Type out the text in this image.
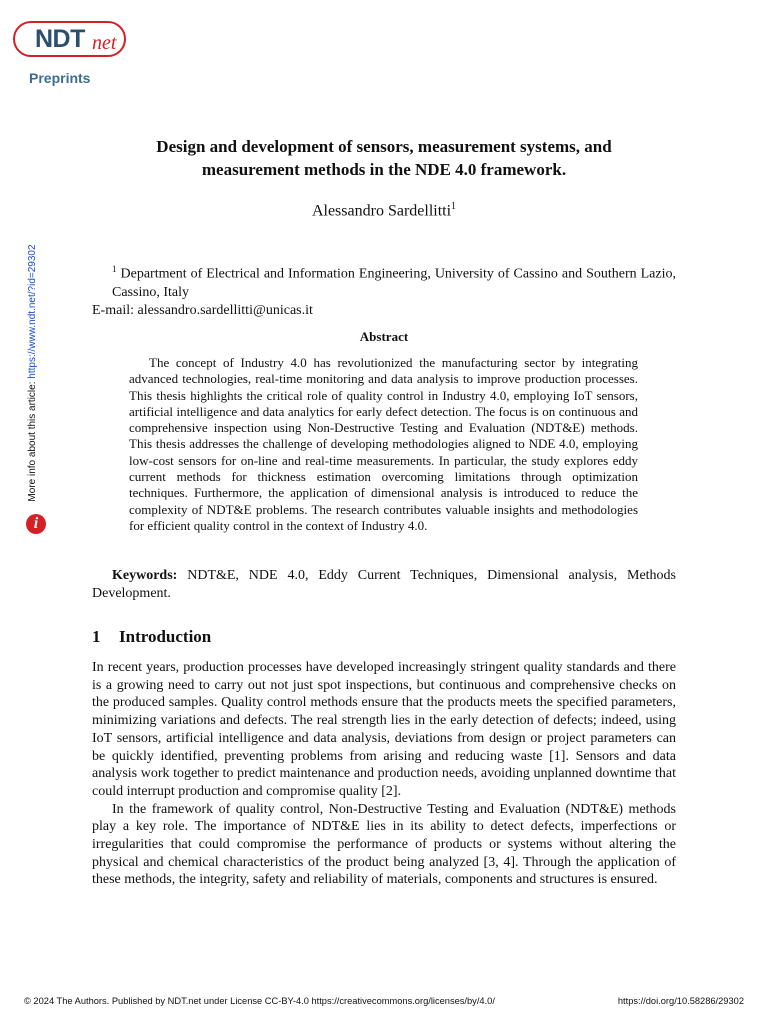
NDT net
Preprints
More info about this article: https://www.ndt.net/?id=29302
i
Design and development of sensors, measurement systems, and measurement methods in the NDE 4.0 framework.
Alessandro Sardellitti$^1$
$^1$ Department of Electrical and Information Engineering, University of Cassino and Southern Lazio, Cassino, Italy
E-mail: alessandro.sardellitti@unicas.it
Abstract
The concept of Industry 4.0 has revolutionized the manufacturing sector by integrating advanced technologies, real-time monitoring and data analysis to improve production processes. This thesis highlights the critical role of quality control in Industry 4.0, employing IoT sensors, artificial intelligence and data analytics for early defect detection. The focus is on continuous and comprehensive inspection using Non-Destructive Testing and Evaluation (NDT&E) methods. This thesis addresses the challenge of developing methodologies aligned to NDE 4.0, employing low-cost sensors for on-line and real-time measurements. In particular, the study explores eddy current methods for thickness estimation overcoming limitations through optimization techniques. Furthermore, the application of dimensional analysis is introduced to reduce the complexity of NDT&E problems. The research contributes valuable insights and methodologies for efficient quality control in the context of Industry 4.0.
Keywords: NDT&E, NDE 4.0, Eddy Current Techniques, Dimensional analysis, Methods Development.
1 Introduction

In recent years, production processes have developed increasingly stringent quality standards and there is a growing need to carry out not just spot inspections, but continuous and comprehensive checks on the produced samples. Quality control methods ensure that the products meets the specified parameters, minimizing variations and defects. The real strength lies in the early detection of defects; indeed, using IoT sensors, artificial intelligence and data analysis, deviations from design or project parameters can be quickly identified, preventing problems from arising and reducing waste [1]. Sensors and data analysis work together to predict maintenance and production needs, avoiding unplanned downtime that could interrupt production and compromise quality [2].

In the framework of quality control, Non-Destructive Testing and Evaluation (NDT&E) methods play a key role. The importance of NDT&E lies in its ability to detect defects, imperfections or irregularities that could compromise the performance of products or systems without altering the physical and chemical characteristics of the product being analyzed [3, 4]. Through the application of these methods, the integrity, safety and reliability of materials, components and structures is ensured.

© 2024 The Authors. Published by NDT.net under License CC-BY-4.0 https://creativecommons.org/licenses/by/4.0/	https://doi.org/10.58286/29302
